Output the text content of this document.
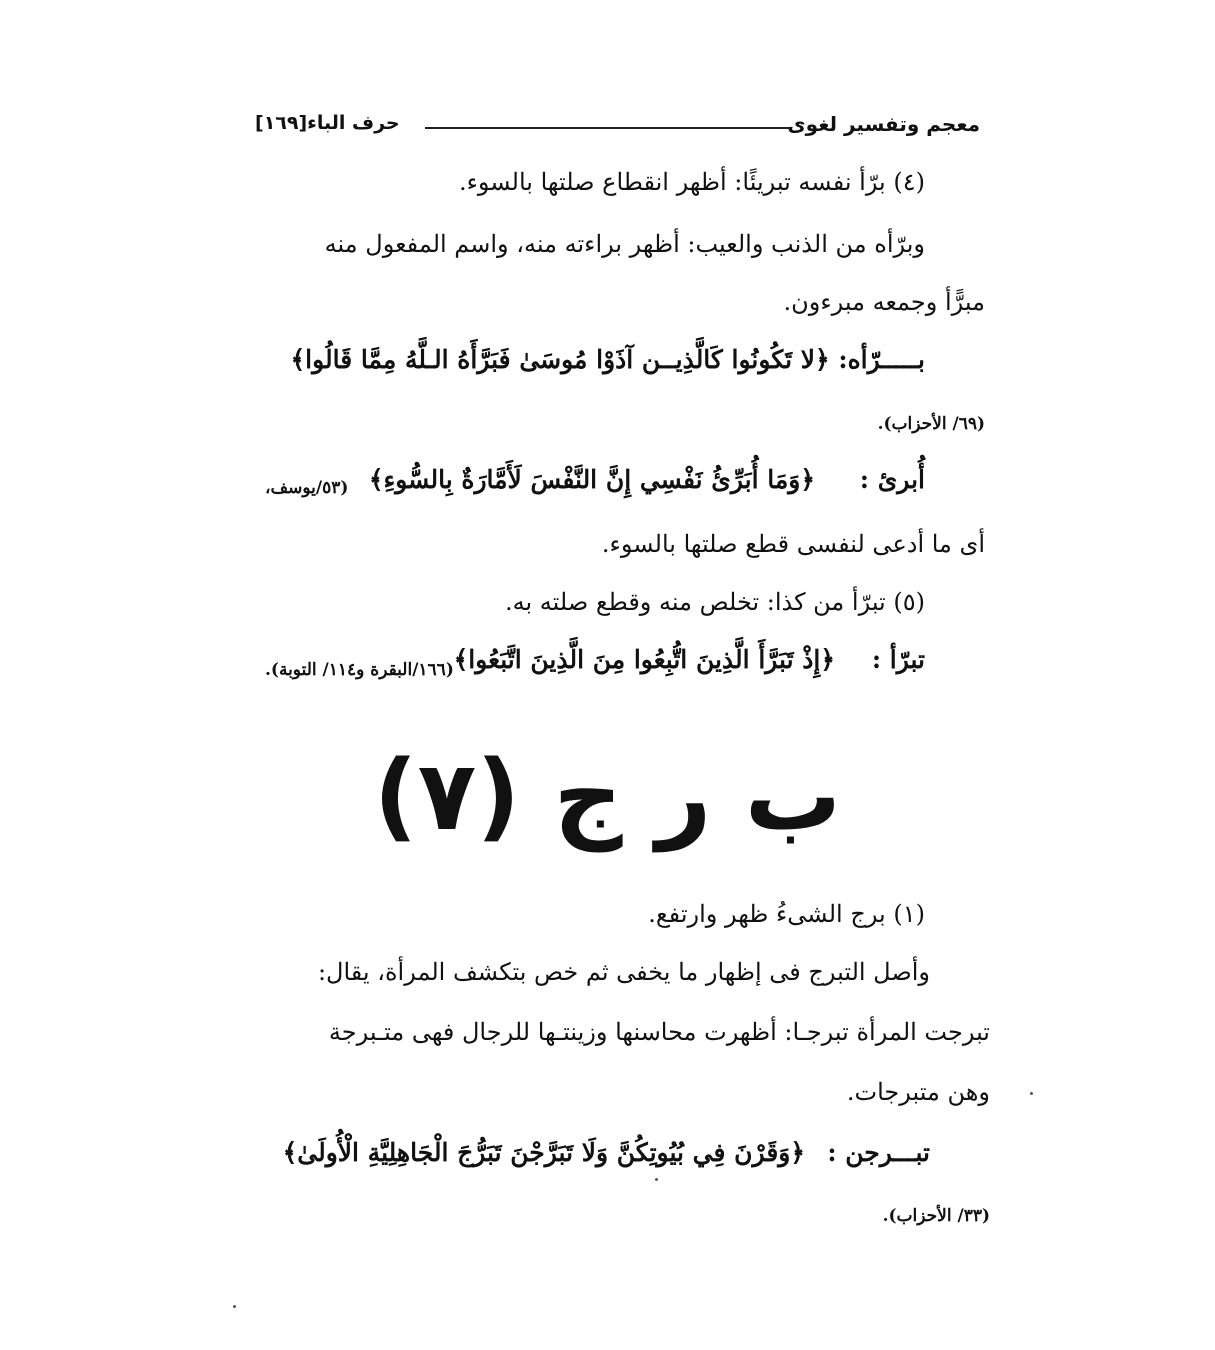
معجم وتفسير لغوى
حرف الباء[١٦٩]
(٤) برّأ نفسه تبريئًا: أظهر انقطاع صلتها بالسوء.
وبرّأه من الذنب والعيب: أظهر براءته منه، واسم المفعول منه
مبرًّأ وجمعه مبرءون.
بـــــرّأه: ﴿لا تَكُونُوا كَالَّذِيــن آذَوْا مُوسَىٰ فَبَرَّأَهُ الـلَّهُ مِمَّا قَالُوا﴾
(٦٩/ الأحزاب).
أُبرئ :
﴿وَمَا أُبَرِّئُ نَفْسِي إِنَّ النَّفْسَ لَأَمَّارَةٌ بِالسُّوءِ﴾
(٥٣/يوسف،
أى ما أدعى لنفسى قطع صلتها بالسوء.
(٥) تبرّأ من كذا: تخلص منه وقطع صلته به.
تبرّأ :
﴿إِذْ تَبَرَّأَ الَّذِينَ اتُّبِعُوا مِنَ الَّذِينَ اتَّبَعُوا﴾
(١٦٦/البقرة و١١٤/ التوبة).
ب ر ج (٧)
(١) برج الشىءُ ظهر وارتفع.
وأصل التبرج فى إظهار ما يخفى ثم خص بتكشف المرأة، يقال:
تبرجت المرأة تبرجـا: أظهرت محاسنها وزينتـها للرجال فهى متـبرجة
وهن متبرجات.
تبـــرجن :
﴿وَقَرْنَ فِي بُيُوتِكُنَّ وَلَا تَبَرَّجْنَ تَبَرُّجَ الْجَاهِلِيَّةِ الْأُولَىٰ﴾
(٣٣/ الأحزاب).
